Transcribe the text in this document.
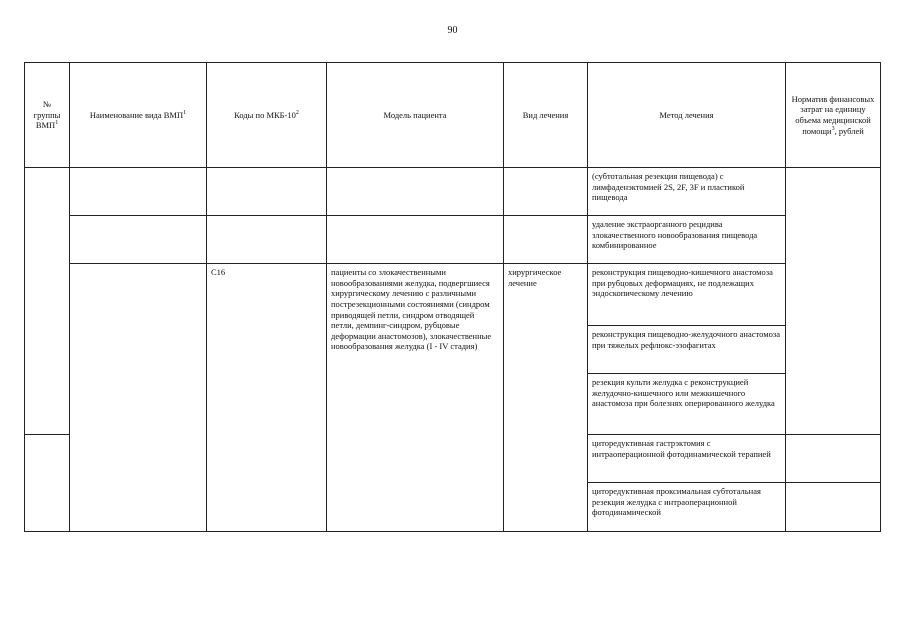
90
№ группы ВМП$^1$	Наименование вида ВМП$^1$	Коды по МКБ-$10^2$	Модель пациента	Вид лечения	Метод лечения	Норматив финансовых затрат на единицу объема медицинской помощи$^3$, рублей
					(субтотальная резекция пищевода) с лимфаденэктомией 2S, 2F, 3F и пластикой пищевода	
					удаление экстраорганного рецидива злокачественного новообразования пищевода комбинированное	
		C16	пациенты со злокачественными новообразованиями желудка, подвергшиеся хирургическому лечению с различными пострезекционными состояниями (синдром приводящей петли, синдром отводящей петли, демпинг-синдром, рубцовые деформации анастомозов), злокачественные новообразования желудка (I - IV стадия)	хирургическое лечение	реконструкция пищеводно-кишечного анастомоза при рубцовых деформациях, не подлежащих эндоскопическому лечению	
					реконструкция пищеводно-желудочного анастомоза при тяжелых рефлюкс-эзофагитах	
					резекция культи желудка с реконструкцией желудочно-кишечного или межкишечного анастомоза при болезнях оперированного желудка	
					циторедуктивная гастрэктомия с интраоперационной фотодинамической терапией	
					циторедуктивная проксимальная субтотальная резекция желудка с интраоперационной фотодинамической	
